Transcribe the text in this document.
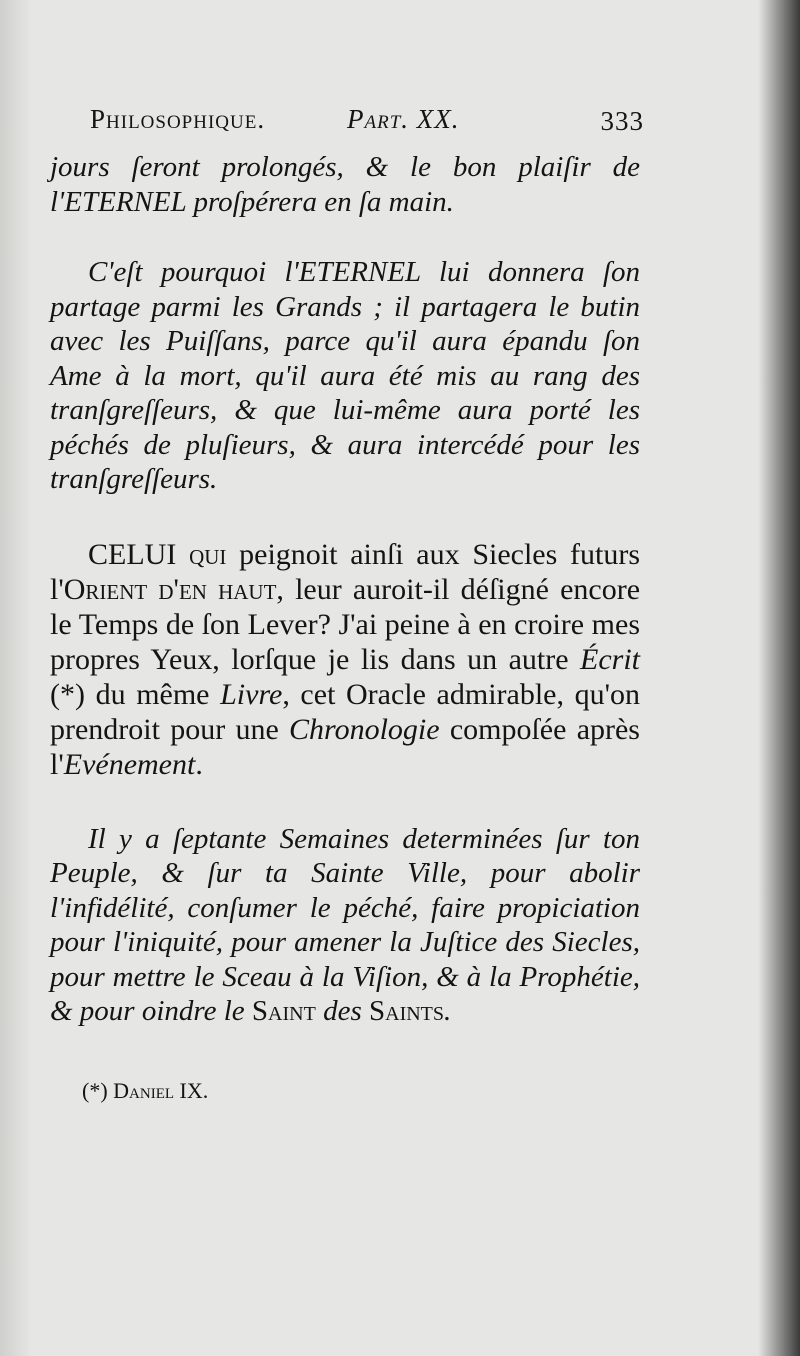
Philosophique.	Part. XX.	333

jours ſeront prolongés, & le bon plaiſir de l'ETERNEL proſpérera en ſa main.

C'eſt pourquoi l'ETERNEL lui donnera ſon partage parmi les Grands ; il partagera le butin avec les Puiſſans, parce qu'il aura épandu ſon Ame à la mort, qu'il aura été mis au rang des tranſgreſſeurs, & que lui-même aura porté les péchés de pluſieurs, & aura intercédé pour les tranſgreſſeurs.

CELUI qui peignoit ainſi aux Siecles futurs l'Orient d'en haut, leur auroit-il déſigné encore le Temps de ſon Lever? J'ai peine à en croire mes propres Yeux, lorſque je lis dans un autre Écrit (*) du même Livre, cet Oracle admirable, qu'on prendroit pour une Chronologie compoſée après l'Evénement.

Il y a ſeptante Semaines determinées ſur ton Peuple, & ſur ta Sainte Ville, pour abolir l'infidélité, conſumer le péché, faire propiciation pour l'iniquité, pour amener la Juſtice des Siecles, pour mettre le Sceau à la Viſion, & à la Prophétie, & pour oindre le Saint des Saints.

(*) Daniel IX.
